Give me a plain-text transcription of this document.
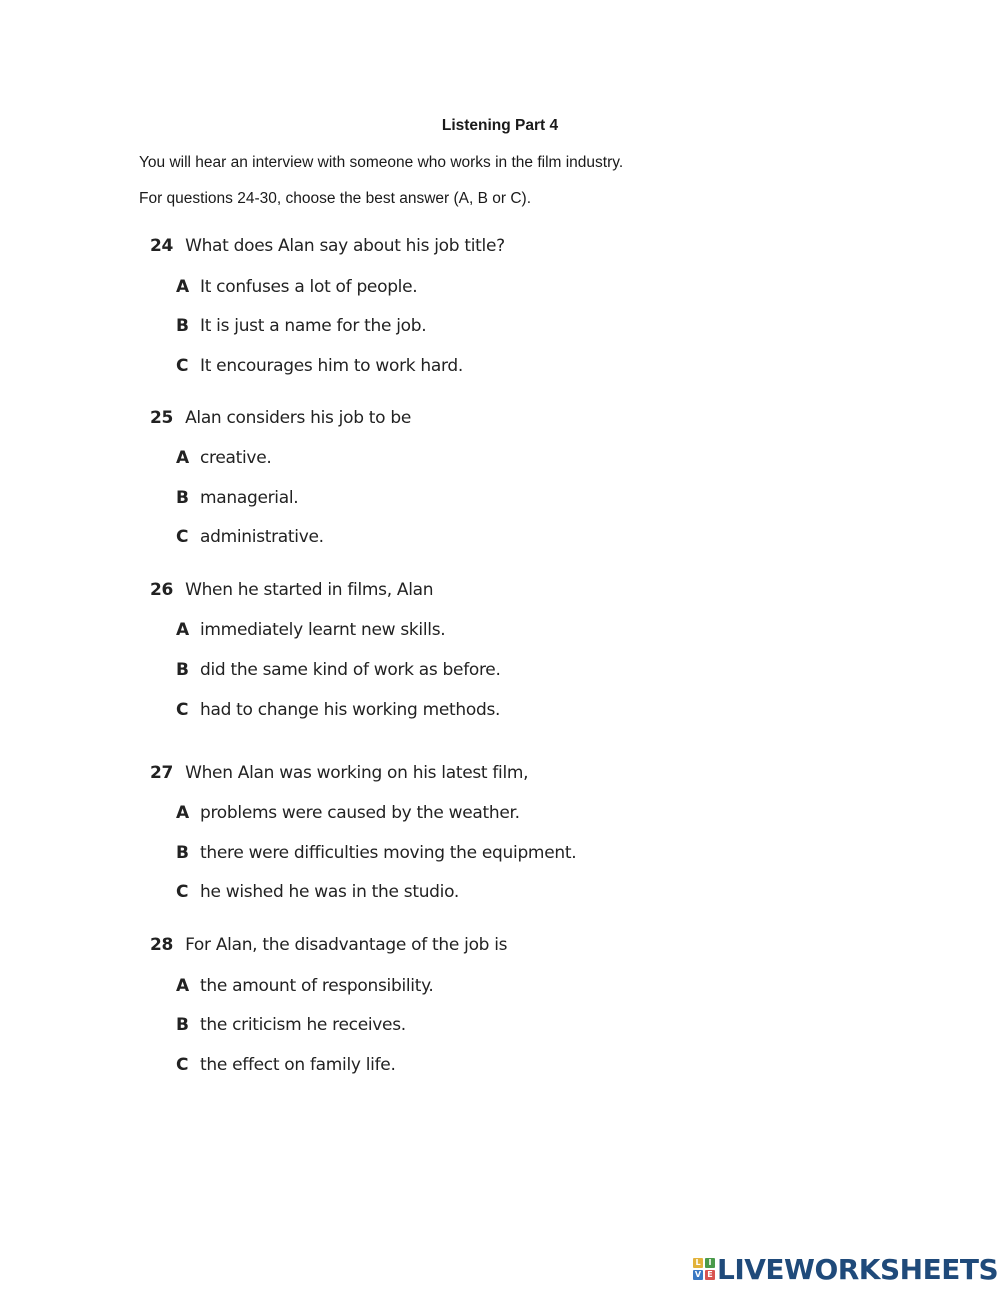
Listening Part 4
You will hear an interview with someone who works in the film industry.
For questions 24-30, choose the best answer (A, B or C).
24 What does Alan say about his job title?
A It confuses a lot of people.
B It is just a name for the job.
C It encourages him to work hard.
25 Alan considers his job to be
A creative.
B managerial.
C administrative.
26 When he started in films, Alan
A immediately learnt new skills.
B did the same kind of work as before.
C had to change his working methods.
27 When Alan was working on his latest film,
A problems were caused by the weather.
B there were difficulties moving the equipment.
C he wished he was in the studio.
28 For Alan, the disadvantage of the job is
A the amount of responsibility.
B the criticism he receives.
C the effect on family life.
L I
V E LIVEWORKSHEETS
